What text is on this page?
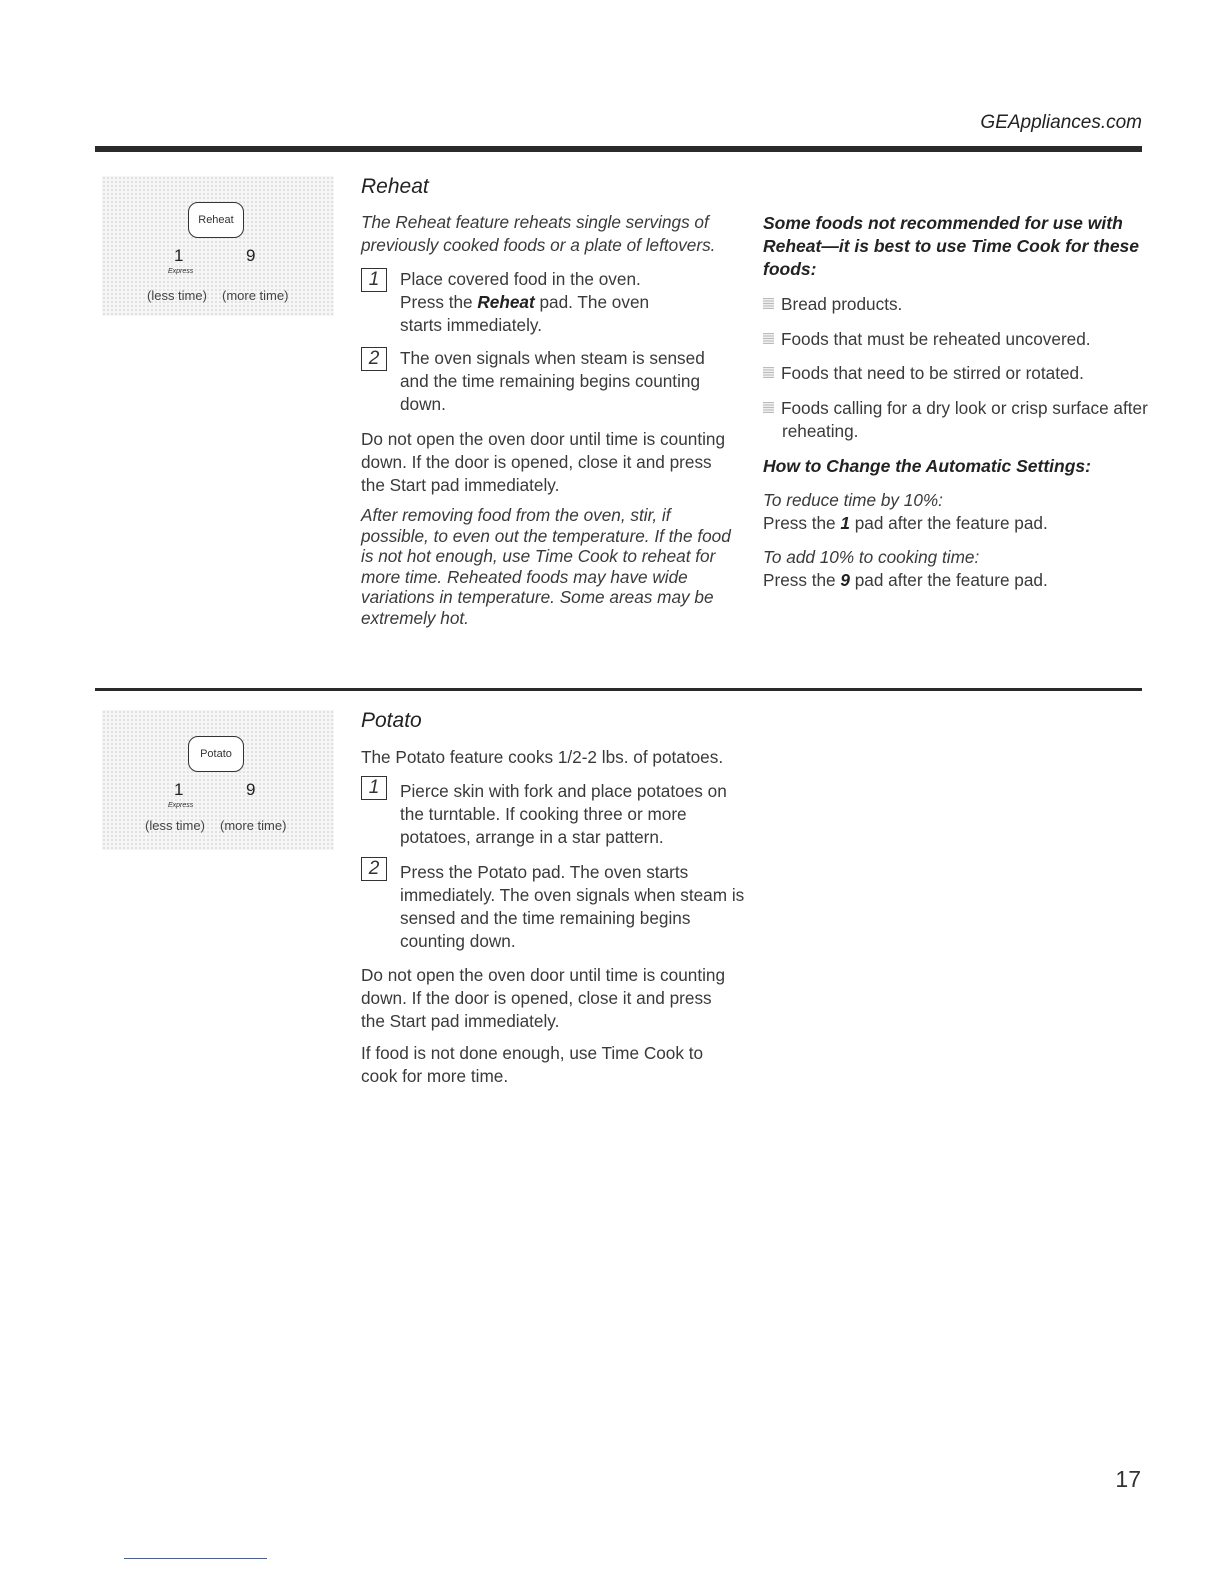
GEAppliances.com
Reheat
1	9
Express
(less time) (more time)
Reheat
The Reheat feature reheats single servings of previously cooked foods or a plate of leftovers.
1	Place covered food in the oven.
Press the Reheat pad. The oven starts immediately.
2	The oven signals when steam is sensed and the time remaining begins counting down.
Do not open the oven door until time is counting down. If the door is opened, close it and press the Start pad immediately.
After removing food from the oven, stir, if possible, to even out the temperature. If the food is not hot enough, use Time Cook to reheat for more time. Reheated foods may have wide variations in temperature. Some areas may be extremely hot.
Some foods not recommended for use with Reheat—it is best to use Time Cook for these foods:
Bread products.
Foods that must be reheated uncovered.
Foods that need to be stirred or rotated.
Foods calling for a dry look or crisp surface after reheating.
How to Change the Automatic Settings:
To reduce time by 10%:
Press the 1 pad after the feature pad.
To add 10% to cooking time:
Press the 9 pad after the feature pad.
Potato
1	9
Express
(less time) (more time)
Potato
The Potato feature cooks 1/2-2 lbs. of potatoes.
1	Pierce skin with fork and place potatoes on the turntable. If cooking three or more potatoes, arrange in a star pattern.
2	Press the Potato pad. The oven starts immediately. The oven signals when steam is sensed and the time remaining begins counting down.
Do not open the oven door until time is counting down. If the door is opened, close it and press the Start pad immediately.
If food is not done enough, use Time Cook to cook for more time.
17
